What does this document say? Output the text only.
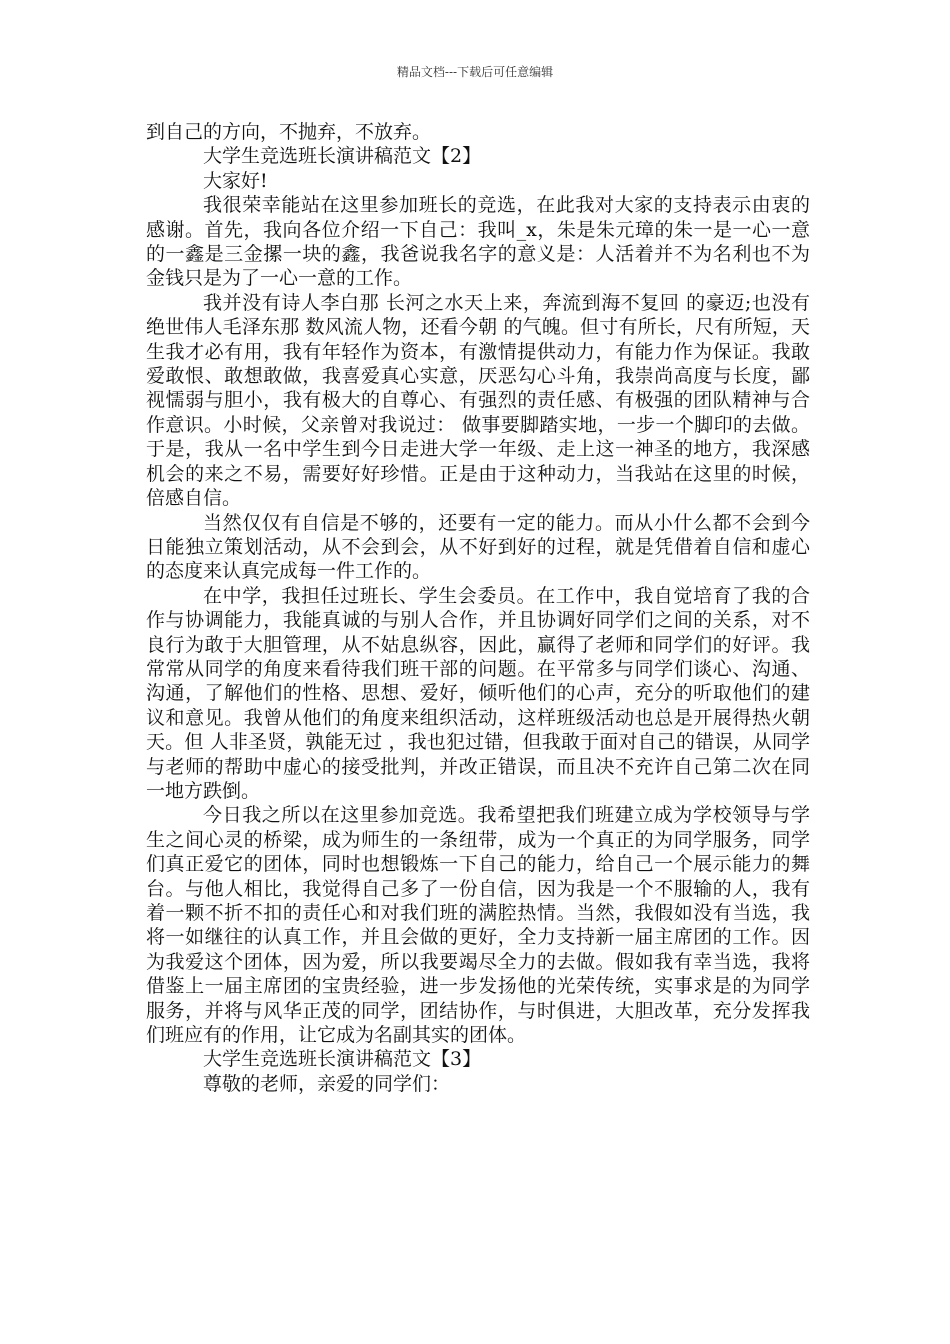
精品文档---下载后可任意编辑

到自己的方向，不抛弃，不放弃。

大学生竞选班长演讲稿范文【2】

大家好!

我很荣幸能站在这里参加班长的竞选，在此我对大家的支持表示由衷的感谢。首先，我向各位介绍一下自己：我叫_x，朱是朱元璋的朱一是一心一意的一鑫是三金摞一块的鑫，我爸说我名字的意义是：人活着并不为名利也不为金钱只是为了一心一意的工作。

我并没有诗人李白那 长河之水天上来，奔流到海不复回 的豪迈;也没有绝世伟人毛泽东那 数风流人物，还看今朝 的气魄。但寸有所长，尺有所短，天生我才必有用，我有年轻作为资本，有激情提供动力，有能力作为保证。我敢爱敢恨、敢想敢做，我喜爱真心实意，厌恶勾心斗角，我崇尚高度与长度，鄙视懦弱与胆小，我有极大的自尊心、有强烈的责任感、有极强的团队精神与合作意识。小时候，父亲曾对我说过： 做事要脚踏实地，一步一个脚印的去做。 于是，我从一名中学生到今日走进大学一年级、走上这一神圣的地方，我深感机会的来之不易，需要好好珍惜。正是由于这种动力，当我站在这里的时候，倍感自信。

当然仅仅有自信是不够的，还要有一定的能力。而从小什么都不会到今日能独立策划活动，从不会到会，从不好到好的过程，就是凭借着自信和虚心的态度来认真完成每一件工作的。

在中学，我担任过班长、学生会委员。在工作中，我自觉培育了我的合作与协调能力，我能真诚的与别人合作，并且协调好同学们之间的关系，对不良行为敢于大胆管理，从不姑息纵容，因此，赢得了老师和同学们的好评。我常常从同学的角度来看待我们班干部的问题。在平常多与同学们谈心、沟通、沟通，了解他们的性格、思想、爱好，倾听他们的心声，充分的听取他们的建议和意见。我曾从他们的角度来组织活动，这样班级活动也总是开展得热火朝天。但 人非圣贤，孰能无过 ，我也犯过错，但我敢于面对自己的错误，从同学与老师的帮助中虚心的接受批判，并改正错误，而且决不充许自己第二次在同一地方跌倒。

今日我之所以在这里参加竞选。我希望把我们班建立成为学校领导与学生之间心灵的桥梁，成为师生的一条纽带，成为一个真正的为同学服务，同学们真正爱它的团体，同时也想锻炼一下自己的能力，给自己一个展示能力的舞台。与他人相比，我觉得自己多了一份自信，因为我是一个不服输的人，我有着一颗不折不扣的责任心和对我们班的满腔热情。当然，我假如没有当选，我将一如继往的认真工作，并且会做的更好，全力支持新一届主席团的工作。因为我爱这个团体，因为爱，所以我要竭尽全力的去做。假如我有幸当选，我将借鉴上一届主席团的宝贵经验，进一步发扬他的光荣传统，实事求是的为同学服务，并将与风华正茂的同学，团结协作，与时俱进，大胆改革，充分发挥我们班应有的作用，让它成为名副其实的团体。

大学生竞选班长演讲稿范文【3】

尊敬的老师，亲爱的同学们：
